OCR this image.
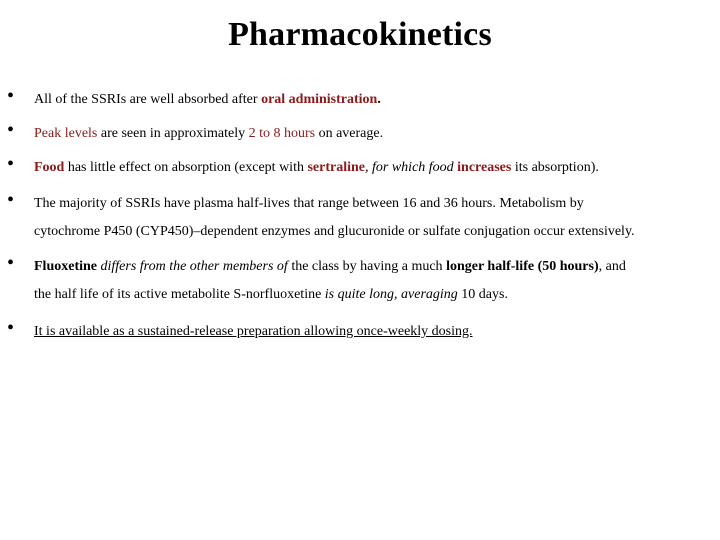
Pharmacokinetics
• All of the SSRIs are well absorbed after oral administration.
• Peak levels are seen in approximately 2 to 8 hours on average.
• Food has little effect on absorption (except with sertraline, for which food increases its absorption).
• The majority of SSRIs have plasma half-lives that range between 16 and 36 hours. Metabolism by
cytochrome P450 (CYP450)–dependent enzymes and glucuronide or sulfate conjugation occur extensively.
• Fluoxetine differs from the other members of the class by having a much longer half-life (50 hours), and
the half life of its active metabolite S-norfluoxetine is quite long, averaging 10 days.
• It is available as a sustained-release preparation allowing once-weekly dosing.
